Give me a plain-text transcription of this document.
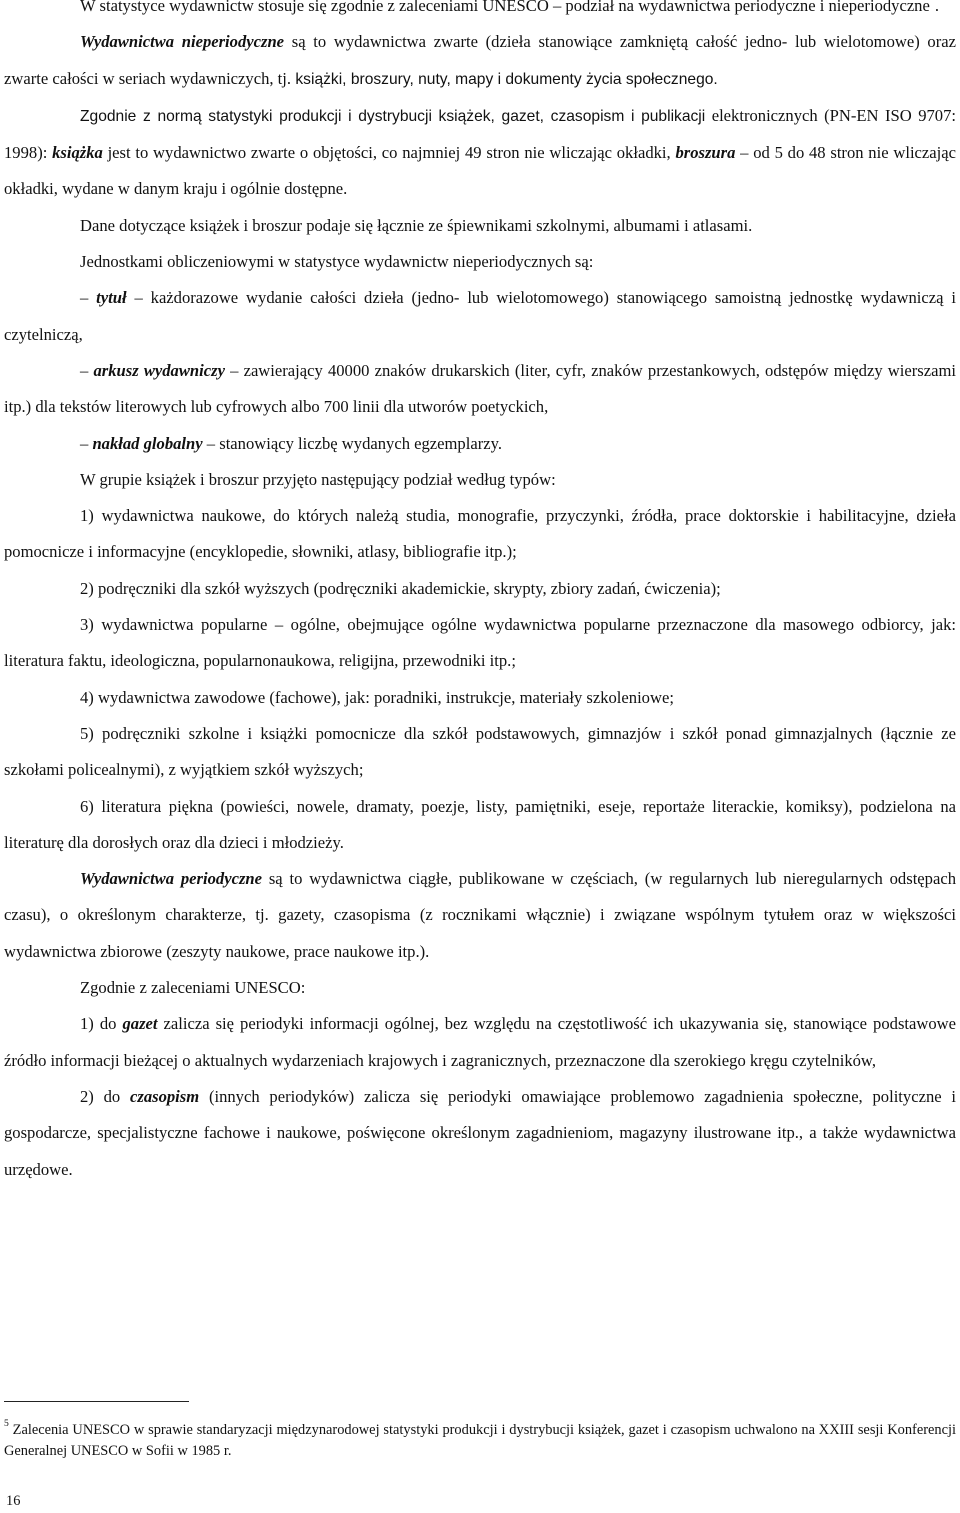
W statystyce wydawnictw stosuje się zgodnie z zaleceniami UNESCO – podział na wydawnictwa periodyczne i nieperiodyczne .

Wydawnictwa nieperiodyczne są to wydawnictwa zwarte (dzieła stanowiące zamkniętą całość jedno- lub wielotomowe) oraz zwarte całości w seriach wydawniczych, tj. książki, broszury, nuty, mapy i dokumenty życia społecznego.

Zgodnie z normą statystyki produkcji i dystrybucji książek, gazet, czasopism i publikacji elektronicznych (PN-EN ISO 9707: 1998): książka jest to wydawnictwo zwarte o objętości, co najmniej 49 stron nie wliczając okładki, broszura – od 5 do 48 stron nie wliczając okładki, wydane w danym kraju i ogólnie dostępne.

Dane dotyczące książek i broszur podaje się łącznie ze śpiewnikami szkolnymi, albumami i atlasami.

Jednostkami obliczeniowymi w statystyce wydawnictw nieperiodycznych są:

– tytuł – każdorazowe wydanie całości dzieła (jedno- lub wielotomowego) stanowiącego samoistną jednostkę wydawniczą i czytelniczą,

– arkusz wydawniczy – zawierający 40000 znaków drukarskich (liter, cyfr, znaków przestankowych, odstępów między wierszami itp.) dla tekstów literowych lub cyfrowych albo 700 linii dla utworów poetyckich,

– nakład globalny – stanowiący liczbę wydanych egzemplarzy.

W grupie książek i broszur przyjęto następujący podział według typów:

1) wydawnictwa naukowe, do których należą studia, monografie, przyczynki, źródła, prace doktorskie i habilitacyjne, dzieła pomocnicze i informacyjne (encyklopedie, słowniki, atlasy, bibliografie itp.);

2) podręczniki dla szkół wyższych (podręczniki akademickie, skrypty, zbiory zadań, ćwiczenia);

3) wydawnictwa popularne – ogólne, obejmujące ogólne wydawnictwa popularne przeznaczone dla masowego odbiorcy, jak: literatura faktu, ideologiczna, popularnonaukowa, religijna, przewodniki itp.;

4) wydawnictwa zawodowe (fachowe), jak: poradniki, instrukcje, materiały szkoleniowe;

5) podręczniki szkolne i książki pomocnicze dla szkół podstawowych, gimnazjów i szkół ponad gimnazjalnych (łącznie ze szkołami policealnymi), z wyjątkiem szkół wyższych;

6) literatura piękna (powieści, nowele, dramaty, poezje, listy, pamiętniki, eseje, reportaże literackie, komiksy), podzielona na literaturę dla dorosłych oraz dla dzieci i młodzieży.

Wydawnictwa periodyczne są to wydawnictwa ciągłe, publikowane w częściach, (w regularnych lub nieregularnych odstępach czasu), o określonym charakterze, tj. gazety, czasopisma (z rocznikami włącznie) i związane wspólnym tytułem oraz w większości wydawnictwa zbiorowe (zeszyty naukowe, prace naukowe itp.).

Zgodnie z zaleceniami UNESCO:

1) do gazet zalicza się periodyki informacji ogólnej, bez względu na częstotliwość ich ukazywania się, stanowiące podstawowe źródło informacji bieżącej o aktualnych wydarzeniach krajowych i zagranicznych, przeznaczone dla szerokiego kręgu czytelników,

2) do czasopism (innych periodyków) zalicza się periodyki omawiające problemowo zagadnienia społeczne, polityczne i gospodarcze, specjalistyczne fachowe i naukowe, poświęcone określonym zagadnieniom, magazyny ilustrowane itp., a także wydawnictwa urzędowe.

$^5$ Zalecenia UNESCO w sprawie standaryzacji międzynarodowej statystyki produkcji i dystrybucji książek, gazet i czasopism uchwalono na XXIII sesji Konferencji Generalnej UNESCO w Sofii w 1985 r.
16
